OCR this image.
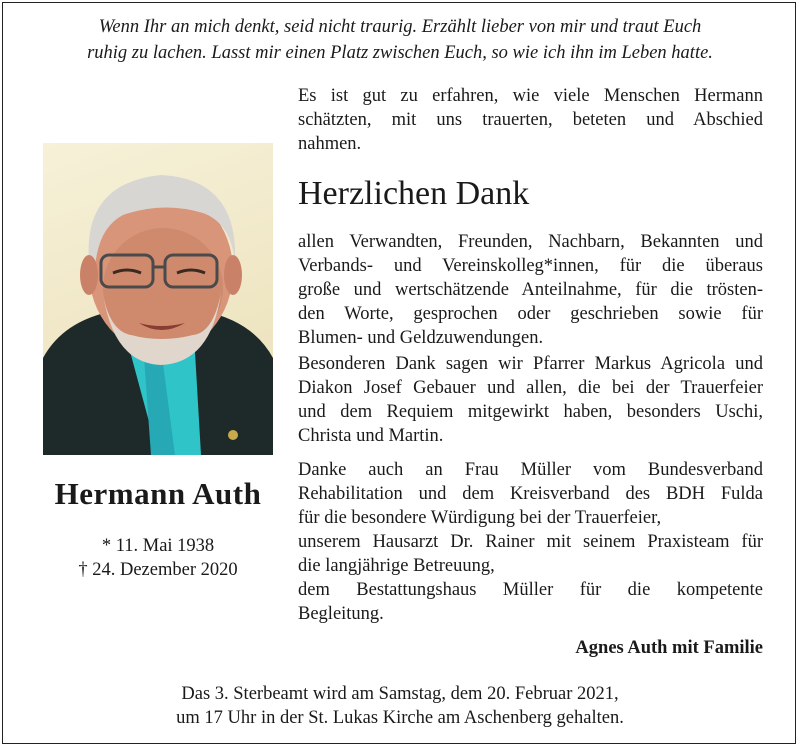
Wenn Ihr an mich denkt, seid nicht traurig. Erzählt lieber von mir und traut Euch
ruhig zu lachen. Lasst mir einen Platz zwischen Euch, so wie ich ihn im Leben hatte.
Hermann Auth
* 11. Mai 1938
† 24. Dezember 2020
Es ist gut zu erfahren, wie viele Menschen Hermann
schätzten, mit uns trauerten, beteten und Abschied
nahmen.
Herzlichen Dank
allen Verwandten, Freunden, Nachbarn, Bekannten und
Verbands- und Vereinskolleg*innen, für die überaus
große und wertschätzende Anteilnahme, für die trösten-
den Worte, gesprochen oder geschrieben sowie für
Blumen- und Geldzuwendungen.
Besonderen Dank sagen wir Pfarrer Markus Agricola und
Diakon Josef Gebauer und allen, die bei der Trauerfeier
und dem Requiem mitgewirkt haben, besonders Uschi,
Christa und Martin.
Danke auch an Frau Müller vom Bundesverband
Rehabilitation und dem Kreisverband des BDH Fulda
für die besondere Würdigung bei der Trauerfeier,
unserem Hausarzt Dr. Rainer mit seinem Praxisteam für
die langjährige Betreuung,
dem Bestattungshaus Müller für die kompetente
Begleitung.
Agnes Auth mit Familie
Das 3. Sterbeamt wird am Samstag, dem 20. Februar 2021,
um 17 Uhr in der St. Lukas Kirche am Aschenberg gehalten.
